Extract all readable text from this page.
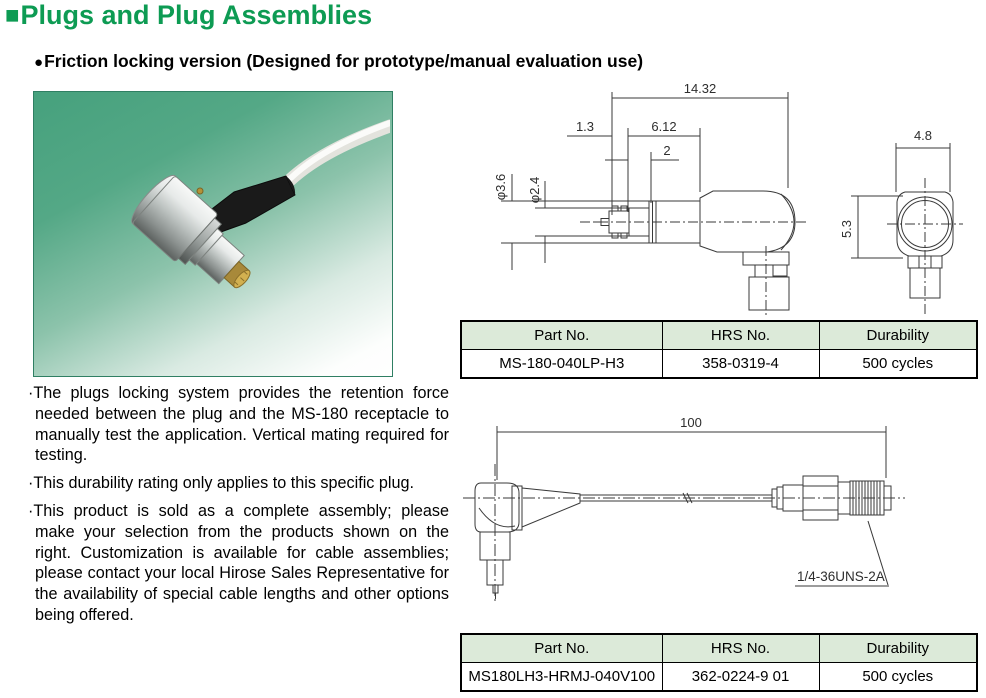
■Plugs and Plug Assemblies
●Friction locking version (Designed for prototype/manual evaluation use)

·The plugs locking system provides the retention force needed between the plug and the MS-180 receptacle to manually test the application. Vertical mating required for testing.

·This durability rating only applies to this specific plug.

·This product is sold as a complete assembly; please make your selection from the products shown on the right. Customization is available for cable assemblies; please contact your local Hirose Sales Representative for the availability of special cable lengths and other options being offered.

14.32
1.3	6.12
2
φ3.6 φ2.4
4.8
5.3
Part No.	HRS No.	Durability
MS-180-040LP-H3	358-0319-4	500 cycles
100
1/4-36UNS-2A
Part No.	HRS No.	Durability
MS180LH3-HRMJ-040V100	362-0224-9 01	500 cycles
